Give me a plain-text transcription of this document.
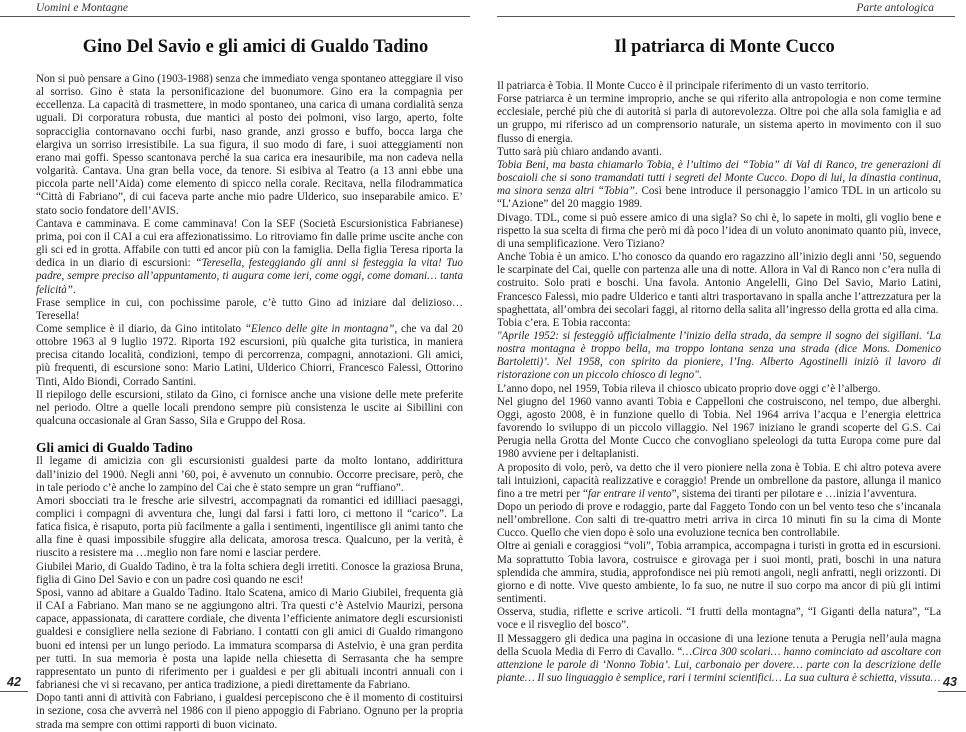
Uomini e Montagne
Gino Del Savio e gli amici di Gualdo Tadino

Non si può pensare a Gino (1903-1988) senza che immediato venga spontaneo atteggiare il viso al sorriso. Gino è stata la personificazione del buonumore. Gino era la compagnia per eccellenza. La capacità di trasmettere, in modo spontaneo, una carica di umana cordialità senza uguali. Di corporatura robusta, due mantici al posto dei polmoni, viso largo, aperto, folte sopracciglia contornavano occhi furbi, naso grande, anzi grosso e buffo, bocca larga che elargiva un sorriso irresistibile. La sua figura, il suo modo di fare, i suoi atteggiamenti non erano mai goffi. Spesso scantonava perché la sua carica era inesauribile, ma non cadeva nella volgarità. Cantava. Una gran bella voce, da tenore. Si esibiva al Teatro (a 13 anni ebbe una piccola parte nell’Aida) come elemento di spicco nella corale. Recitava, nella filodrammatica “Città di Fabriano”, di cui faceva parte anche mio padre Ulderico, suo inseparabile amico. E’ stato socio fondatore dell’AVIS.

Cantava e camminava. E come camminava! Con la SEF (Società Escursionistica Fabrianese) prima, poi con il CAI a cui era affezionatissimo. Lo ritroviamo fin dalle prime uscite anche con gli sci ed in grotta. Affabile con tutti ed ancor più con la famiglia. Della figlia Teresa riporta la dedica in un diario di escursioni: “Teresella, festeggiando gli anni si festeggia la vita! Tuo padre, sempre preciso all’appuntamento, ti augura come ieri, come oggi, come domani… tanta felicità”.

Frase semplice in cui, con pochissime parole, c’è tutto Gino ad iniziare dal delizioso… Teresella!

Come semplice è il diario, da Gino intitolato “Elenco delle gite in montagna”, che va dal 20 ottobre 1963 al 9 luglio 1972. Riporta 192 escursioni, più qualche gita turistica, in maniera precisa citando località, condizioni, tempo di percorrenza, compagni, annotazioni. Gli amici, più frequenti, di escursione sono: Mario Latini, Ulderico Chiorri, Francesco Falessi, Ottorino Tinti, Aldo Biondi, Corrado Santini.

Il riepilogo delle escursioni, stilato da Gino, ci fornisce anche una visione delle mete preferite nel periodo. Oltre a quelle locali prendono sempre più consistenza le uscite ai Sibillini con qualcuna occasionale al Gran Sasso, Sila e Gruppo del Rosa.

Gli amici di Gualdo Tadino

Il legame di amicizia con gli escursionisti gualdesi parte da molto lontano, addirittura dall’inizio del 1900. Negli anni ’60, poi, è avvenuto un connubio. Occorre precisare, però, che in tale periodo c’è anche lo zampino del Cai che è stato sempre un gran “ruffiano”.

Amori sbocciati tra le fresche arie silvestri, accompagnati da romantici ed idilliaci paesaggi, complici i compagni di avventura che, lungi dal farsi i fatti loro, ci mettono il “carico”. La fatica fisica, è risaputo, porta più facilmente a galla i sentimenti, ingentilisce gli animi tanto che alla fine è quasi impossibile sfuggire alla delicata, amorosa tresca. Qualcuno, per la verità, è riuscito a resistere ma …meglio non fare nomi e lasciar perdere.

Giubilei Mario, di Gualdo Tadino, è tra la folta schiera degli irretiti. Conosce la graziosa Bruna, figlia di Gino Del Savio e con un padre così quando ne esci!

Sposi, vanno ad abitare a Gualdo Tadino. Italo Scatena, amico di Mario Giubilei, frequenta già il CAI a Fabriano. Man mano se ne aggiungono altri. Tra questi c’è Astelvio Maurizi, persona capace, appassionata, di carattere cordiale, che diventa l’efficiente animatore degli escursionisti gualdesi e consigliere nella sezione di Fabriano. I contatti con gli amici di Gualdo rimangono buoni ed intensi per un lungo periodo. La immatura scomparsa di Astelvio, è una gran perdita per tutti. In sua memoria è posta una lapide nella chiesetta di Serrasanta che ha sempre rappresentato un punto di riferimento per i gualdesi e per gli abituali incontri annuali con i fabrianesi che vi si recavano, per antica tradizione, a piedi direttamente da Fabriano.

Dopo tanti anni di attività con Fabriano, i gualdesi percepiscono che è il momento di costituirsi in sezione, cosa che avverrà nel 1986 con il pieno appoggio di Fabriano. Ognuno per la propria strada ma sempre con ottimi rapporti di buon vicinato.

42
Parte antologica
Il patriarca di Monte Cucco

Il patriarca è Tobia. Il Monte Cucco è il principale riferimento di un vasto territorio.

Forse patriarca è un termine improprio, anche se qui riferito alla antropologia e non come termine ecclesiale, perché più che di autorità si parla di autorevolezza. Oltre poi che alla sola famiglia e ad un gruppo, mi riferisco ad un comprensorio naturale, un sistema aperto in movimento con il suo flusso di energia.

Tutto sarà più chiaro andando avanti.

Tobia Beni, ma basta chiamarlo Tobia, è l’ultimo dei “Tobia” di Val di Ranco, tre generazioni di boscaioli che si sono tramandati tutti i segreti del Monte Cucco. Dopo di lui, la dinastia continua, ma sinora senza altri “Tobia”. Così bene introduce il personaggio l’amico TDL in un articolo su “L’Azione” del 20 maggio 1989.

Divago. TDL, come si può essere amico di una sigla? So chi è, lo sapete in molti, gli voglio bene e rispetto la sua scelta di firma che però mi dà poco l’idea di un voluto anonimato quanto più, invece, di una semplificazione. Vero Tiziano?

Anche Tobia è un amico. L’ho conosco da quando ero ragazzino all’inizio degli anni ’50, seguendo le scarpinate del Cai, quelle con partenza alle una di notte. Allora in Val di Ranco non c’era nulla di costruito. Solo prati e boschi. Una favola. Antonio Angelelli, Gino Del Savio, Mario Latini, Francesco Falessi, mio padre Ulderico e tanti altri trasportavano in spalla anche l’attrezzatura per la spaghettata, all’ombra dei secolari faggi, al ritorno della salita all’ingresso della grotta ed alla cima.

Tobia c’era. E Tobia racconta:

"Aprile 1952: si festeggiò ufficialmente l’inizio della strada, da sempre il sogno dei sigillani. ‘La nostra montagna è troppo bella, ma troppo lontana senza una strada (dice Mons. Domenico Bartoletti)’. Nel 1958, con spirito da pioniere, l’Ing. Alberto Agostinelli iniziò il lavoro di ristorazione con un piccolo chiosco di legno".

L’anno dopo, nel 1959, Tobia rileva il chiosco ubicato proprio dove oggi c’è l’albergo.

Nel giugno del 1960 vanno avanti Tobia e Cappelloni che costruiscono, nel tempo, due alberghi. Oggi, agosto 2008, è in funzione quello di Tobia. Nel 1964 arriva l’acqua e l’energia elettrica favorendo lo sviluppo di un piccolo villaggio. Nel 1967 iniziano le grandi scoperte del G.S. Cai Perugia nella Grotta del Monte Cucco che convogliano speleologi da tutta Europa come pure dal 1980 avviene per i deltaplanisti.

A proposito di volo, però, va detto che il vero pioniere nella zona è Tobia. E chi altro poteva avere tali intuizioni, capacità realizzative e coraggio! Prende un ombrellone da pastore, allunga il manico fino a tre metri per “far entrare il vento”, sistema dei tiranti per pilotare e …inizia l’avventura.

Dopo un periodo di prove e rodaggio, parte dal Faggeto Tondo con un bel vento teso che s’incanala nell’ombrellone. Con salti di tre-quattro metri arriva in circa 10 minuti fin su la cima di Monte Cucco. Quello che vien dopo è solo una evoluzione tecnica ben controllabile.

Oltre ai geniali e coraggiosi “voli”, Tobia arrampica, accompagna i turisti in grotta ed in escursioni. Ma soprattutto Tobia lavora, costruisce e girovaga per i suoi monti, prati, boschi in una natura splendida che ammira, studia, approfondisce nei più remoti angoli, negli anfratti, negli orizzonti. Di giorno e di notte. Vive questo ambiente, lo fa suo, ne nutre il suo corpo ma ancor di più gli intimi sentimenti.

Osserva, studia, riflette e scrive articoli. “I frutti della montagna”, “I Giganti della natura”, “La voce e il risveglio del bosco”.

Il Messaggero gli dedica una pagina in occasione di una lezione tenuta a Perugia nell’aula magna della Scuola Media di Ferro di Cavallo. “…Circa 300 scolari… hanno cominciato ad ascoltare con attenzione le parole di ‘Nonno Tobia’. Lui, carbonaio per dovere… parte con la descrizione delle piante… Il suo linguaggio è semplice, rari i termini scientifici… La sua cultura è schietta, vissuta… 43
